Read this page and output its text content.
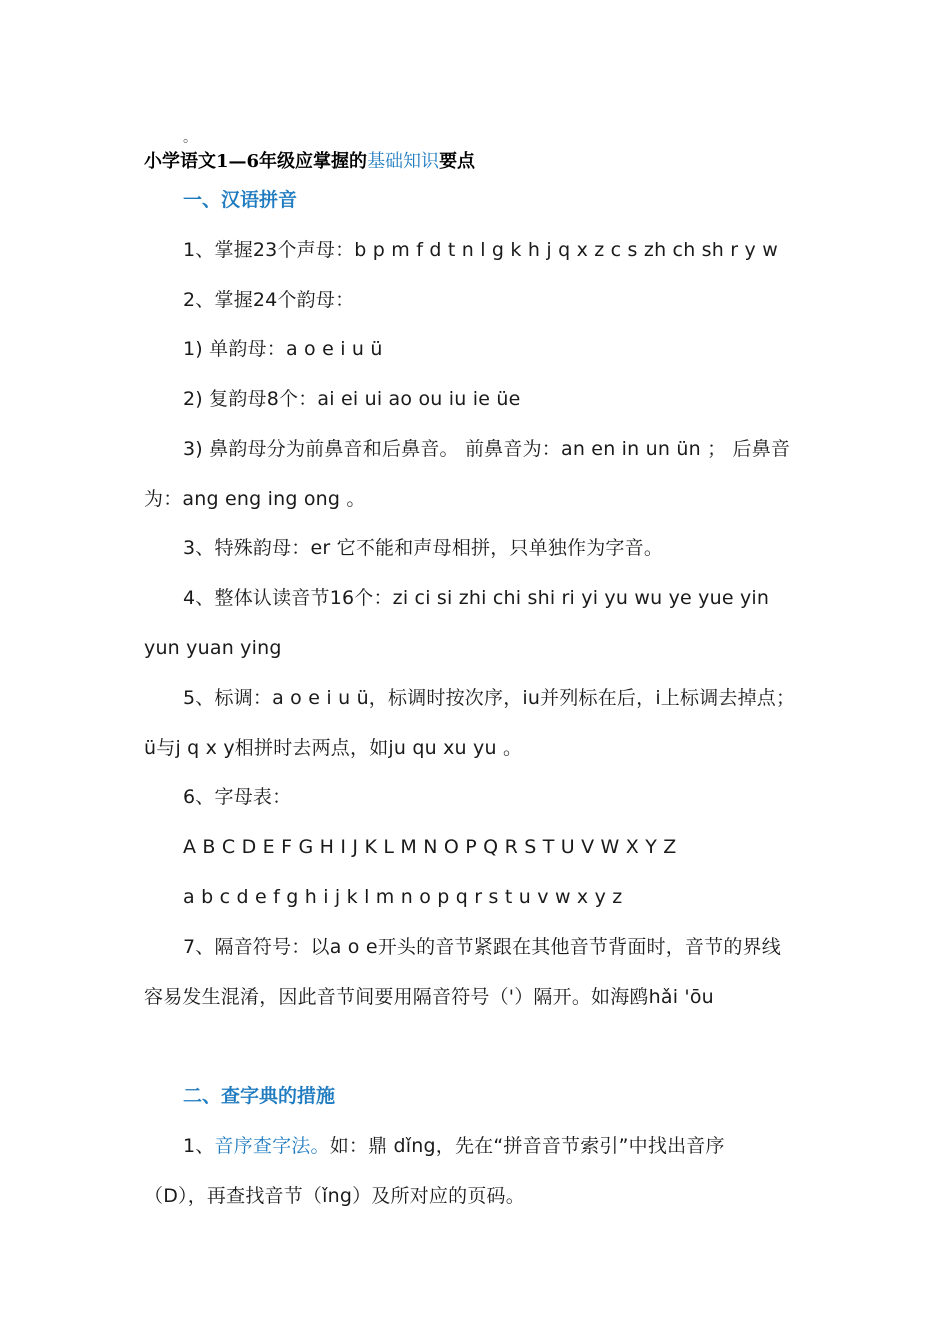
。
小学语文1—6年级应掌握的基础知识要点
一、汉语拼音
1、掌握23个声母：b p m f d t n l g k h j q x z c s zh ch sh r y w
2、掌握24个韵母：
1) 单韵母：a o e i u ü
2) 复韵母8个：ai ei ui ao ou iu ie üe
3) 鼻韵母分为前鼻音和后鼻音。 前鼻音为：an en in un ün ； 后鼻音
为：ang eng ing ong 。
3、特殊韵母：er 它不能和声母相拼，只单独作为字音。
4、整体认读音节16个：zi ci si zhi chi shi ri yi yu wu ye yue yin
yun yuan ying
5、标调：a o e i u ü，标调时按次序，iu并列标在后，i上标调去掉点；
ü与j q x y相拼时去两点，如ju qu xu yu 。
6、字母表：
A B C D E F G H I J K L M N O P Q R S T U V W X Y Z
a b c d e f g h i j k l m n o p q r s t u v w x y z
7、隔音符号：以a o e开头的音节紧跟在其他音节背面时，音节的界线
容易发生混淆，因此音节间要用隔音符号（'）隔开。如海鸥hǎi 'ōu
二、查字典的措施
1、音序查字法。如：鼎 dǐng，先在“拼音音节索引”中找出音序
（D），再查找音节（ǐng）及所对应的页码。
